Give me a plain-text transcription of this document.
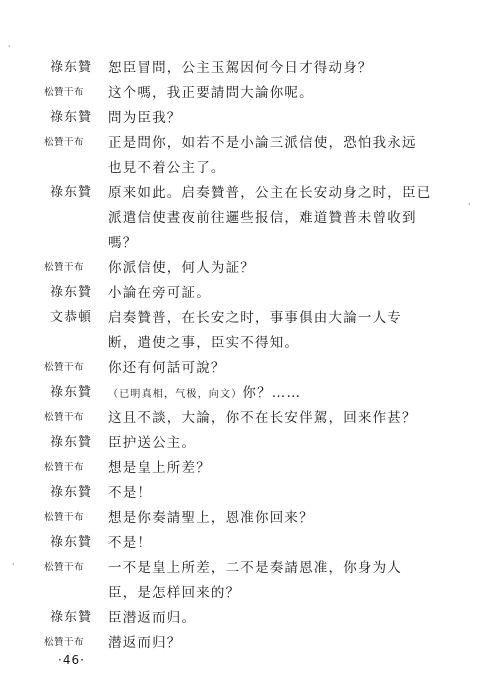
祿东贊 恕臣冒問，公主玉駕因何今日才得动身？
松贊干布 这个嗎，我正要請問大論你呢。
祿东贊 問为臣我？
松贊干布 正是問你，如若不是小論三派信使，恐怕我永远
也見不着公主了。
祿东贊 原来如此。启奏贊普，公主在长安动身之时，臣已
派遣信使晝夜前往邏些报信，难道贊普未曾收到
嗎？
松贊干布 你派信使，何人为証？
祿东贊 小論在旁可証。
文恭頓 启奏贊普，在长安之时，事事俱由大論一人专
断，遣使之事，臣实不得知。
松贊干布 你还有何話可說？
祿东贊 （已明真相，气极，向文）你？……
松贊干布 这且不談，大論，你不在长安伴駕，回来作甚？
祿东贊 臣护送公主。
松贊干布 想是皇上所差？
祿东贊 不是！
松贊干布 想是你奏請聖上，恩准你回来？
祿东贊 不是！
松贊干布 一不是皇上所差，二不是奏請恩准，你身为人
臣，是怎样回来的？
祿东贊 臣潜返而归。
松贊干布 潜返而归？
·46·
·
·
·
